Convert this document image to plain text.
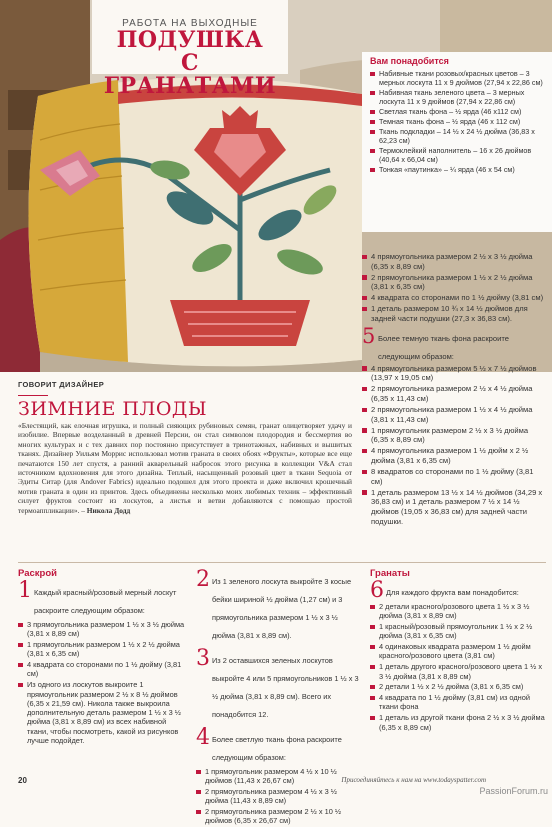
РАБОТА НА ВЫХОДНЫЕ
ПОДУШКА
С ГРАНАТАМИ
Вам понадобится
Набивные ткани розовых/красных цветов – 3 мерных лоскута 11 х 9 дюймов (27,94 х 22,86 см)
Набивная ткань зеленого цвета – 3 мерных лоскута 11 х 9 дюймов (27,94 х 22,86 см)
Светлая ткань фона – ½ ярда (46 х112 см)
Темная ткань фона – ½ ярда (46 х 112 см)
Ткань подкладки – 14 ½ х 24 ½ дюйма (36,83 х 62,23 см)
Термоклейкий наполнитель – 16 х 26 дюймов (40,64 х 66,04 см)
Тонкая «паутинка» – ¼ ярда (46 х 54 см)
4 прямоугольника размером 2 ½ х 3 ½ дюйма (6,35 х 8,89 см)
2 прямоугольника размером 1 ½ х 2 ½ дюйма (3,81 х 6,35 см)
4 квадрата со сторонами по 1 ½ дюйму (3,81 см)
1 деталь размером 10 ¾ х 14 ½ дюймов для задней части подушки (27,3 х 36,83 см).
5 Более темную ткань фона раскроите следующим образом:
4 прямоугольника размером 5 ½ х 7 ½ дюймов (13,97 х 19,05 см)
2 прямоугольника размером 2 ½ х 4 ½ дюйма (6,35 х 11,43 см)
2 прямоугольника размером 1 ½ х 4 ½ дюйма (3,81 х 11,43 см)
1 прямоугольник размером 2 ½ х 3 ½ дюйма (6,35 х 8,89 см)
4 прямоугольника размером 1 ½ дюйм х 2 ½ дюйма (3,81 х 6,35 см)
8 квадратов со сторонами по 1 ½ дюйму (3,81 см)
1 деталь размером 13 ½ х 14 ½ дюймов (34,29 х 36,83 см) и 1 деталь размером 7 ½ х 14 ½ дюймов (19,05 х 36,83 см) для задней части подушки.
ГОВОРИТ ДИЗАЙНЕР
ЗИМНИЕ ПЛОДЫ

«Блестящий, как елочная игрушка, и полный сияющих рубиновых семян, гранат олицетворяет удачу и изобилие. Впервые возделанный в древней Персии, он стал символом плодородия и бессмертия во многих культурах и с тех давних пор постоянно присутствует в тринотажных, набивных и вышитых тканях. Дизайнер Уильям Моррис использовал мотив граната в своих обоях «Фрукты», которые все еще печатаются 150 лет спустя, а ранний акварельный набросок этого рисунка в коллекции V&A стал источником вдохновения для этого дизайна. Теплый, насыщенный розовый цвет в ткани Sequoia от Эдиты Ситар (для Andover Fabrics) идеально подошел для этого проекта и даже включил крошечный мотив граната в один из принтов. Здесь объединены несколько моих любимых техник – эффективный силует фруктов состоит из лоскутов, а листья и ветви добавляются с помощью простой термоаппликации». – Никола Додд

Раскрой
1 Каждый красный/розовый мерный лоскут раскроите следующим образом:
3 прямоугольника размером 1 ½ х 3 ½ дюйма (3,81 х 8,89 см)
1 прямоугольник размером 1 ½ х 2 ½ дюйма (3,81 х 6,35 см)
4 квадрата со сторонами по 1 ½ дюйму (3,81 см)
Из одного из лоскутов выкроите 1 прямоугольник размером 2 ½ х 8 ½ дюймов (6,35 х 21,59 см). Никола также выкроила дополнительную деталь размером 1 ½ х 3 ½ дюйма (3,81 х 8,89 см) из всех набивной ткани, чтобы посмотреть, какой из рисунков лучше подойдет.
2 Из 1 зеленого лоскута выкройте 3 косые бейки шириной ½ дюйма (1,27 см) и 3 прямоугольника размером 1 ½ х 3 ½ дюйма (3,81 х 8,89 см).
3 Из 2 оставшихся зеленых лоскутов выкройте 4 или 5 прямоугольников 1 ½ х 3 ½ дюйма (3,81 х 8,89 см). Всего их понадобится 12.
4 Более светлую ткань фона раскроите следующим образом:
1 прямоугольник размером 4 ½ х 10 ½ дюймов (11,43 х 26,67 см)
2 прямоугольника размером 4 ½ х 3 ½ дюйма (11,43 х 8,89 см)
2 прямоугольника размером 2 ½ х 10 ½ дюймов (6,35 х 26,67 см)
Гранаты
6 Для каждого фрукта вам понадобится:
2 детали красного/розового цвета 1 ½ х 3 ½ дюйма (3,81 х 8,89 см)
1 красный/розовый прямоугольник 1 ½ х 2 ½ дюйма (3,81 х 6,35 см)
4 одинаковых квадрата размером 1 ½ дюйм красного/розового цвета (3,81 см)
1 деталь другого красного/розового цвета 1 ½ х 3 ½ дюйма (3,81 х 8,89 см)
2 детали 1 ½ х 2 ½ дюйма (3,81 х 6,35 см)
4 квадрата по 1 ½ дюйму (3,81 см) из одной ткани фона
1 деталь из другой ткани фона 2 ½ х 3 ½ дюйма (6,35 х 8,89 см)
20	Присоединяйтесь к нам на www.todayspatter.com
PassionForum.ru
